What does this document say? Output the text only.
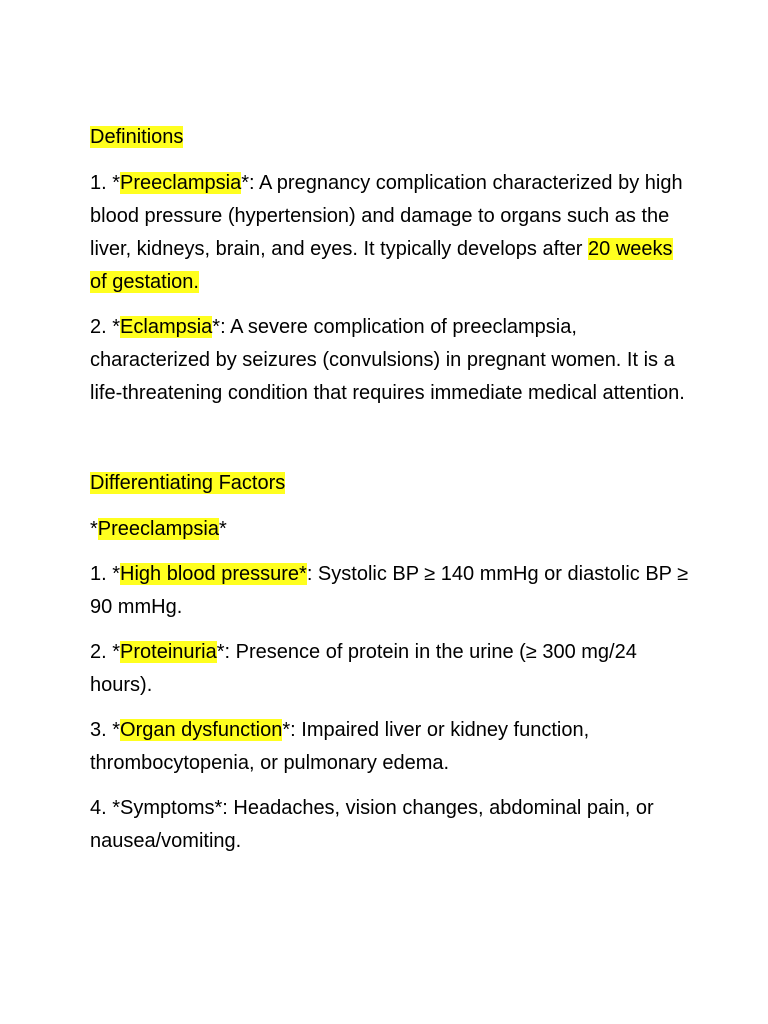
Definitions
1. *Preeclampsia*: A pregnancy complication characterized by high blood pressure (hypertension) and damage to organs such as the liver, kidneys, brain, and eyes. It typically develops after 20 weeks of gestation.
2. *Eclampsia*: A severe complication of preeclampsia, characterized by seizures (convulsions) in pregnant women. It is a life-threatening condition that requires immediate medical attention.
Differentiating Factors
*Preeclampsia*
1. *High blood pressure*: Systolic BP ≥ 140 mmHg or diastolic BP ≥ 90 mmHg.
2. *Proteinuria*: Presence of protein in the urine (≥ 300 mg/24 hours).
3. *Organ dysfunction*: Impaired liver or kidney function, thrombocytopenia, or pulmonary edema.
4. *Symptoms*: Headaches, vision changes, abdominal pain, or nausea/vomiting.
